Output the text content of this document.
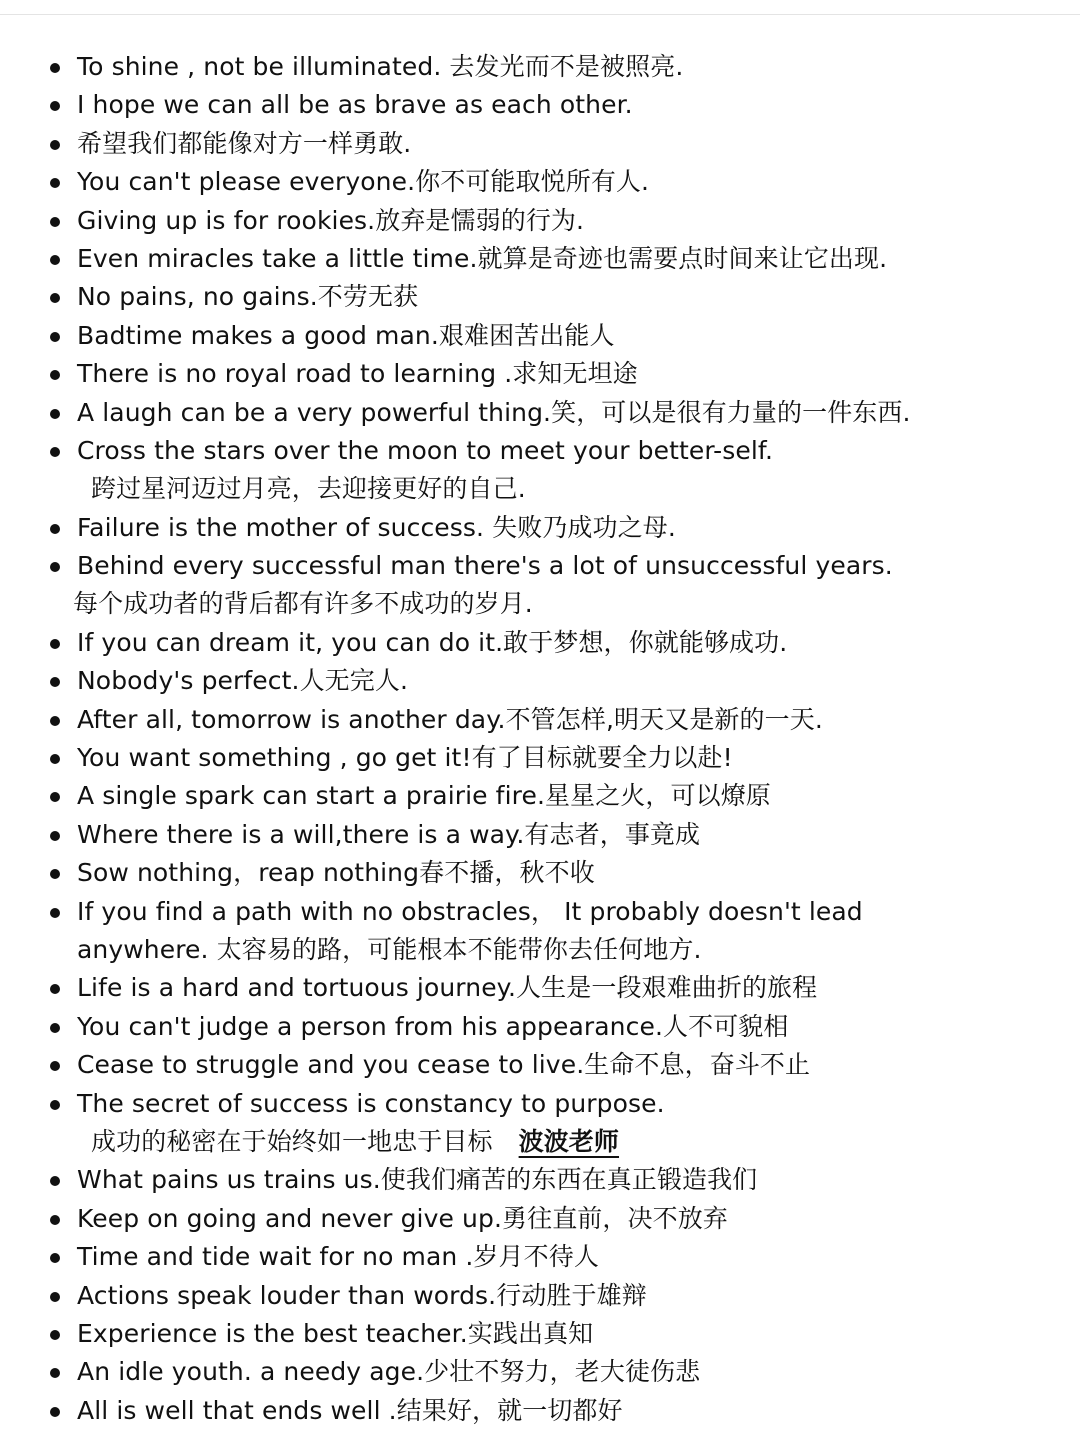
To shine , not be illuminated. 去发光而不是被照亮.
I hope we can all be as brave as each other.
希望我们都能像对方一样勇敢.
You can't please everyone.你不可能取悦所有人.
Giving up is for rookies.放弃是懦弱的行为.
Even miracles take a little time.就算是奇迹也需要点时间来让它出现.
No pains, no gains.不劳无获
Badtime makes a good man.艰难困苦出能人
There is no royal road to learning .求知无坦途
A laugh can be a very powerful thing.笑，可以是很有力量的一件东西.
Cross the stars over the moon to meet your better-self.
跨过星河迈过月亮，去迎接更好的自己.
Failure is the mother of success. 失败乃成功之母.
Behind every successful man there's a lot of unsuccessful years.
每个成功者的背后都有许多不成功的岁月.
If you can dream it, you can do it.敢于梦想，你就能够成功.
Nobody's perfect.人无完人.
After all, tomorrow is another day.不管怎样,明天又是新的一天.
You want something , go get it!有了目标就要全力以赴!
A single spark can start a prairie fire.星星之火，可以燎原
Where there is a will,there is a way.有志者，事竟成
Sow nothing，reap nothing春不播，秋不收
If you find a path with no obstracles， It probably doesn't lead
anywhere. 太容易的路，可能根本不能带你去任何地方.
Life is a hard and tortuous journey.人生是一段艰难曲折的旅程
You can't judge a person from his appearance.人不可貌相
Cease to struggle and you cease to live.生命不息，奋斗不止
The secret of success is constancy to purpose.
成功的秘密在于始终如一地忠于目标 波波老师
What pains us trains us.使我们痛苦的东西在真正锻造我们
Keep on going and never give up.勇往直前，决不放弃
Time and tide wait for no man .岁月不待人
Actions speak louder than words.行动胜于雄辩
Experience is the best teacher.实践出真知
An idle youth. a needy age.少壮不努力，老大徒伤悲
All is well that ends well .结果好，就一切都好
